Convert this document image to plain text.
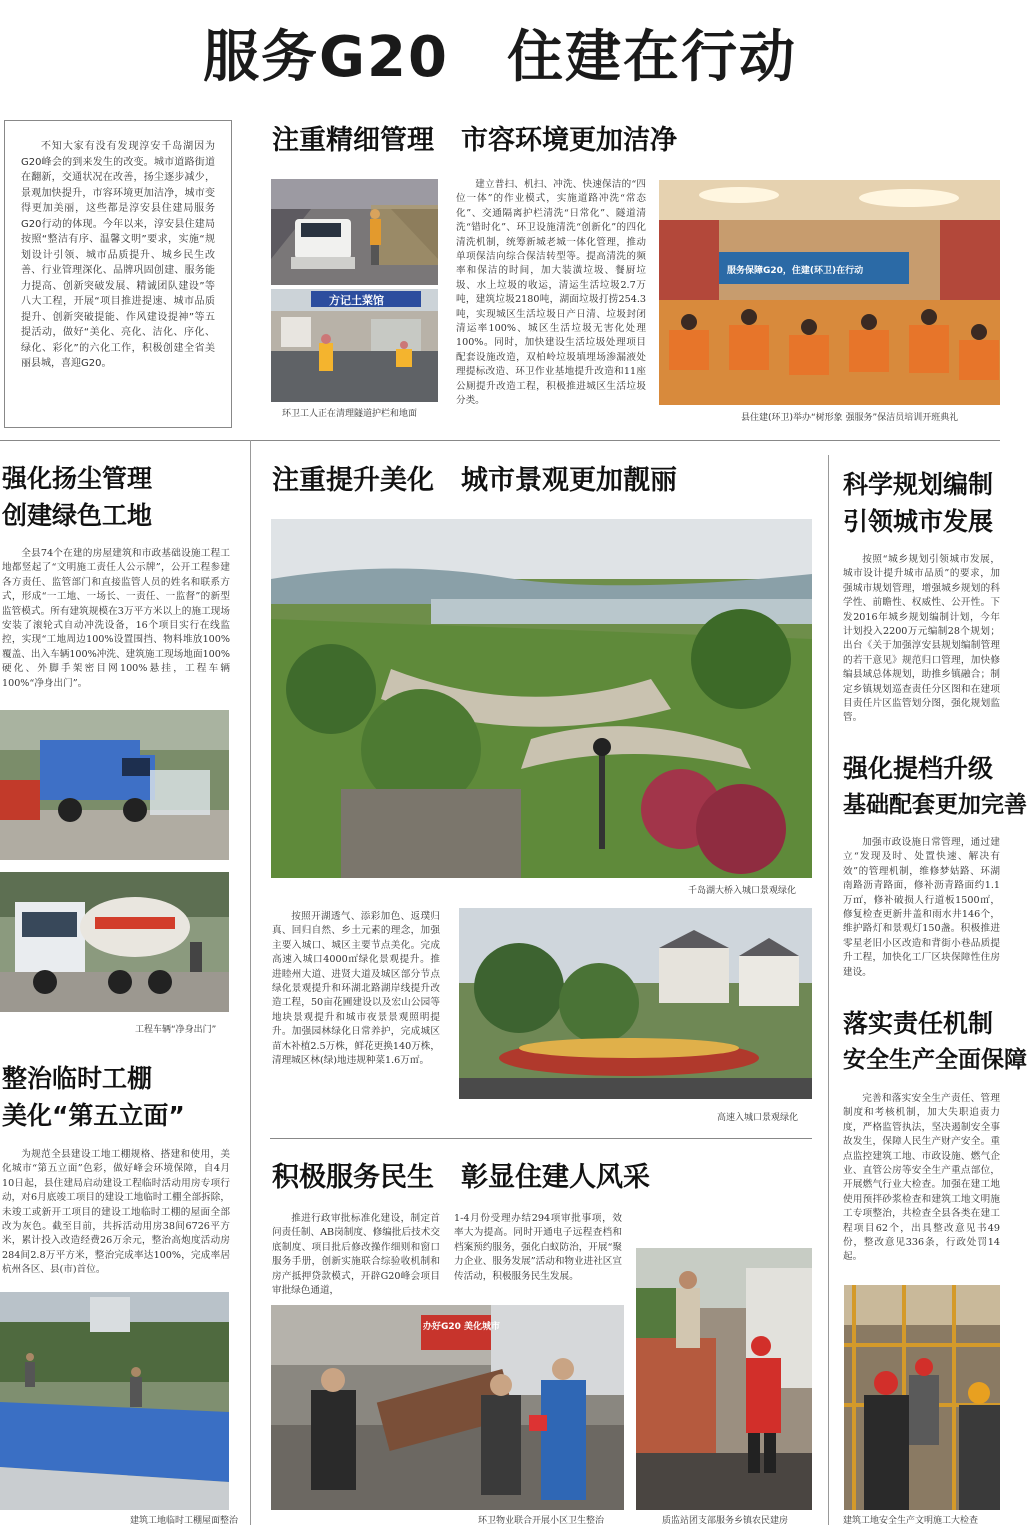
服务G20　住建在行动

不知大家有没有发现淳安千岛湖因为G20峰会的到来发生的改变。城市道路街道在翻新，交通状况在改善，扬尘逐步减少，景观加快提升，市容环境更加洁净，城市变得更加美丽，这些都是淳安县住建局服务G20行动的体现。今年以来，淳安县住建局按照“整洁有序、温馨文明”要求，实施“规划设计引领、城市品质提升、城乡民生改善、行业管理深化、品牌巩固创建、服务能力提高、创新突破发展、精诚团队建设”等八大工程，开展“项目推进提速、城市品质提升、创新突破提能、作风建设提神”等五提活动，做好“美化、亮化、洁化、序化、绿化、彩化”的六化工作，积极创建全省美丽县城，喜迎G20。

注重精细管理　市容环境更加洁净
方记土菜馆
环卫工人正在清理隧道护栏和地面

建立普扫、机扫、冲洗、快速保洁的“四位一体”的作业模式，实施道路冲洗“常态化”、交通隔离护栏清洗“日常化”、隧道清洗“错时化”、环卫设施清洗“创新化”的四化清洗机制，统筹新城老城一体化管理，推动单项保洁向综合保洁转型等。提高清洗的频率和保洁的时间，加大装潢垃圾、餐厨垃圾、水上垃圾的收运，清运生活垃圾2.7万吨，建筑垃圾2180吨，湖面垃圾打捞254.3吨，实现城区生活垃圾日产日清、垃圾封闭清运率100%、城区生活垃圾无害化处理100%。同时，加快建设生活垃圾处理项目配套设施改造，双柏岭垃圾填埋场渗漏液处理提标改造、环卫作业基地提升改造和11座公厕提升改造工程，积极推进城区生活垃圾分类。

服务保障G20，住建(环卫)在行动
县住建(环卫)举办“树形象 强服务”保洁员培训开班典礼
强化扬尘管理
创建绿色工地

全县74个在建的房屋建筑和市政基础设施工程工地都竖起了“文明施工责任人公示牌”，公开工程参建各方责任、监管部门和直接监管人员的姓名和联系方式，形成“一工地、一场长、一责任、一监督”的新型监管模式。所有建筑规模在3万平方米以上的施工现场安装了滚轮式自动冲洗设备，16个项目实行在线监控，实现“工地周边100%设置围挡、物料堆放100%覆盖、出入车辆100%冲洗、建筑施工现场地面100%硬化、外脚手架密目网100%悬挂，工程车辆100%“净身出门”。

工程车辆“净身出门”
整治临时工棚
美化“第五立面”

为规范全县建设工地工棚规格、搭建和使用，美化城市“第五立面”色彩，做好峰会环境保障，自4月10日起，县住建局启动建设工程临时活动用房专项行动，对6月底竣工项目的建设工地临时工棚全部拆除，未竣工或新开工项目的建设工地临时工棚的屋面全部改为灰色。截至目前，共拆活动用房38间6726平方米，累计投入改造经费26万余元，整治高炮度活动房284间2.8万平方米，整治完成率达100%，完成率居杭州各区、县(市)首位。

建筑工地临时工棚屋面整治
注重提升美化　城市景观更加靓丽
千岛湖大桥入城口景观绿化

按照开湖透气、添彩加色、返璞归真、回归自然、乡土元素的理念，加强主要入城口、城区主要节点美化。完成高速入城口4000㎡绿化景观提升。推进睦州大道、进贤大道及城区部分节点绿化景观提升和环湖北路湖岸线提升改造工程，50亩花圃建设以及宏山公园等地块景观提升和城市夜景景观照明提升。加强园林绿化日常养护，完成城区苗木补植2.5万株，鲜花更换140万株，清理城区林(绿)地违规种菜1.6万㎡。

高速入城口景观绿化
积极服务民生　彰显住建人风采

推进行政审批标准化建设，制定首问责任制、AB岗制度、修编批后技术交底制度、项目批后修改操作细则和窗口服务手册，创新实施联合综验收机制和房产抵押贷款模式，开辟G20峰会项目审批绿色通道，

1-4月份受理办结294项审批事项，效率大为提高。同时开通电子远程查档和档案预约服务，强化白蚁防治，开展“聚力企业、服务发展”活动和物业进社区宣传活动，积极服务民生发展。

办好G20 美化城市
环卫物业联合开展小区卫生整治	质监站团支部服务乡镇农民建房
科学规划编制
引领城市发展

按照“城乡规划引领城市发展，城市设计提升城市品质”的要求，加强城市规划管理，增强城乡规划的科学性、前瞻性、权威性、公开性。下发2016年城乡规划编制计划，今年计划投入2200万元编制28个规划；出台《关于加强淳安县规划编制管理的若干意见》规范归口管理，加快修编县域总体规划，助推乡镇融合；制定乡镇规划巡查责任分区图和在建项目责任片区监管划分图，强化规划监管。

强化提档升级
基础配套更加完善

加强市政设施日常管理，通过建立“发现及时、处置快速、解决有效”的管理机制，维修梦姑路、环湖南路沥青路面，修补沥青路面约1.1万㎡，修补破损人行道板1500㎡，修复检查更新井盖和雨水井146个，维护路灯和景观灯150盏。积极推进零星老旧小区改造和背街小巷品质提升工程，加快化工厂区块保障性住房建设。

落实责任机制
安全生产全面保障

完善和落实安全生产责任、管理制度和考核机制，加大失职追责力度，严格监管执法，坚决遏制安全事故发生，保障人民生产财产安全。重点监控建筑工地、市政设施、燃气企业、直管公房等安全生产重点部位，开展燃气行业大检查。加强在建工地使用预拌砂浆检查和建筑工地文明施工专项整治，共检查全县各类在建工程项目62个，出具整改意见书49份，整改意见336条，行政处罚14起。

建筑工地安全生产文明施工大检查
